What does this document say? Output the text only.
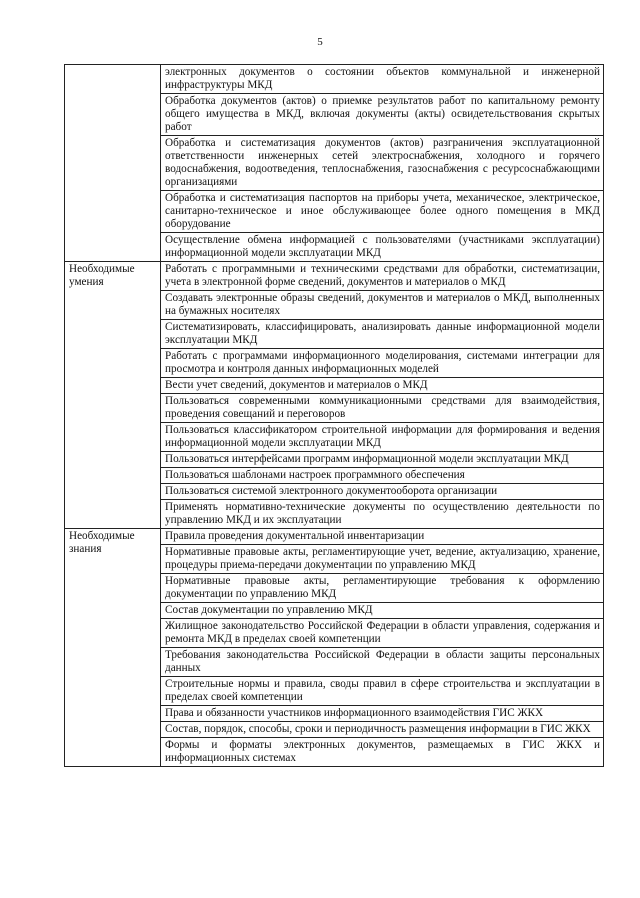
5
	электронных документов о состоянии объектов коммунальной и инженерной инфраструктуры МКД
	Обработка документов (актов) о приемке результатов работ по капитальному ремонту общего имущества в МКД, включая документы (акты) освидетельствования скрытых работ
	Обработка и систематизация документов (актов) разграничения эксплуатационной ответственности инженерных сетей электроснабжения, холодного и горячего водоснабжения, водоотведения, теплоснабжения, газоснабжения с ресурсоснабжающими организациями
	Обработка и систематизация паспортов на приборы учета, механическое, электрическое, санитарно-техническое и иное обслуживающее более одного помещения в МКД оборудование
	Осуществление обмена информацией с пользователями (участниками эксплуатации) информационной модели эксплуатации МКД
Необходимые умения	Работать с программными и техническими средствами для обработки, систематизации, учета в электронной форме сведений, документов и материалов о МКД
	Создавать электронные образы сведений, документов и материалов о МКД, выполненных на бумажных носителях
	Систематизировать, классифицировать, анализировать данные информационной модели эксплуатации МКД
	Работать с программами информационного моделирования, системами интеграции для просмотра и контроля данных информационных моделей
	Вести учет сведений, документов и материалов о МКД
	Пользоваться современными коммуникационными средствами для взаимодействия, проведения совещаний и переговоров
	Пользоваться классификатором строительной информации для формирования и ведения информационной модели эксплуатации МКД
	Пользоваться интерфейсами программ информационной модели эксплуатации МКД
	Пользоваться шаблонами настроек программного обеспечения
	Пользоваться системой электронного документооборота организации
	Применять нормативно-технические документы по осуществлению деятельности по управлению МКД и их эксплуатации
Необходимые знания	Правила проведения документальной инвентаризации
	Нормативные правовые акты, регламентирующие учет, ведение, актуализацию, хранение, процедуры приема-передачи документации по управлению МКД
	Нормативные правовые акты, регламентирующие требования к оформлению документации по управлению МКД
	Состав документации по управлению МКД
	Жилищное законодательство Российской Федерации в области управления, содержания и ремонта МКД в пределах своей компетенции
	Требования законодательства Российской Федерации в области защиты персональных данных
	Строительные нормы и правила, своды правил в сфере строительства и эксплуатации в пределах своей компетенции
	Права и обязанности участников информационного взаимодействия ГИС ЖКХ
	Состав, порядок, способы, сроки и периодичность размещения информации в ГИС ЖКХ
	Формы и форматы электронных документов, размещаемых в ГИС ЖКХ и информационных системах
